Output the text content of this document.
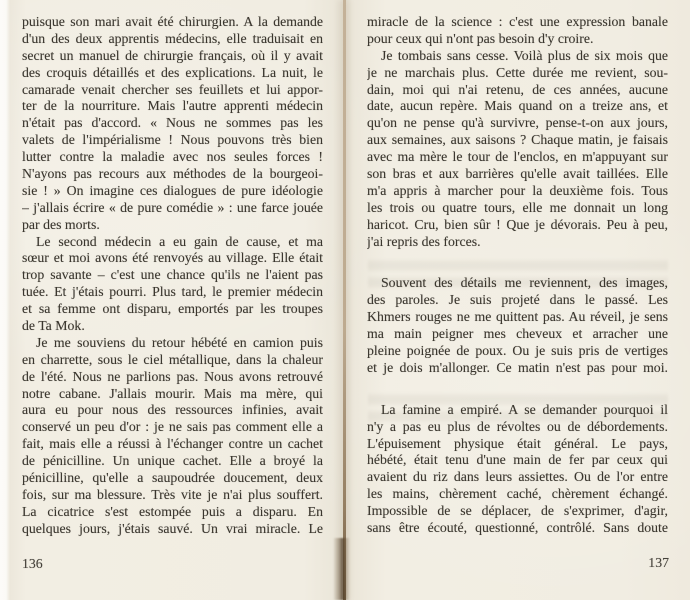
puisque son mari avait été chirurgien. A la demande
d'un des deux apprentis médecins, elle traduisait en
secret un manuel de chirurgie français, où il y avait
des croquis détaillés et des explications. La nuit, le
camarade venait chercher ses feuillets et lui appor-
ter de la nourriture. Mais l'autre apprenti médecin
n'était pas d'accord. « Nous ne sommes pas les
valets de l'impérialisme ! Nous pouvons très bien
lutter contre la maladie avec nos seules forces !
N'ayons pas recours aux méthodes de la bourgeoi-
sie ! » On imagine ces dialogues de pure idéologie
– j'allais écrire « de pure comédie » : une farce jouée
par des morts.
Le second médecin a eu gain de cause, et ma
sœur et moi avons été renvoyés au village. Elle était
trop savante – c'est une chance qu'ils ne l'aient pas
tuée. Et j'étais pourri. Plus tard, le premier médecin
et sa femme ont disparu, emportés par les troupes
de Ta Mok.
Je me souviens du retour hébété en camion puis
en charrette, sous le ciel métallique, dans la chaleur
de l'été. Nous ne parlions pas. Nous avons retrouvé
notre cabane. J'allais mourir. Mais ma mère, qui
aura eu pour nous des ressources infinies, avait
conservé un peu d'or : je ne sais pas comment elle a
fait, mais elle a réussi à l'échanger contre un cachet
de pénicilline. Un unique cachet. Elle a broyé la
pénicilline, qu'elle a saupoudrée doucement, deux
fois, sur ma blessure. Très vite je n'ai plus souffert.
La cicatrice s'est estompée puis a disparu. En
quelques jours, j'étais sauvé. Un vrai miracle. Le
136
miracle de la science : c'est une expression banale
pour ceux qui n'ont pas besoin d'y croire.
Je tombais sans cesse. Voilà plus de six mois que
je ne marchais plus. Cette durée me revient, sou-
dain, moi qui n'ai retenu, de ces années, aucune
date, aucun repère. Mais quand on a treize ans, et
qu'on ne pense qu'à survivre, pense-t-on aux jours,
aux semaines, aux saisons ? Chaque matin, je faisais
avec ma mère le tour de l'enclos, en m'appuyant sur
son bras et aux barrières qu'elle avait taillées. Elle
m'a appris à marcher pour la deuxième fois. Tous
les trois ou quatre tours, elle me donnait un long
haricot. Cru, bien sûr ! Que je dévorais. Peu à peu,
j'ai repris des forces.
Souvent des détails me reviennent, des images,
des paroles. Je suis projeté dans le passé. Les
Khmers rouges ne me quittent pas. Au réveil, je sens
ma main peigner mes cheveux et arracher une
pleine poignée de poux. Ou je suis pris de vertiges
et je dois m'allonger. Ce matin n'est pas pour moi.
La famine a empiré. A se demander pourquoi il
n'y a pas eu plus de révoltes ou de débordements.
L'épuisement physique était général. Le pays,
hébété, était tenu d'une main de fer par ceux qui
avaient du riz dans leurs assiettes. Ou de l'or entre
les mains, chèrement caché, chèrement échangé.
Impossible de se déplacer, de s'exprimer, d'agir,
sans être écouté, questionné, contrôlé. Sans doute
137
